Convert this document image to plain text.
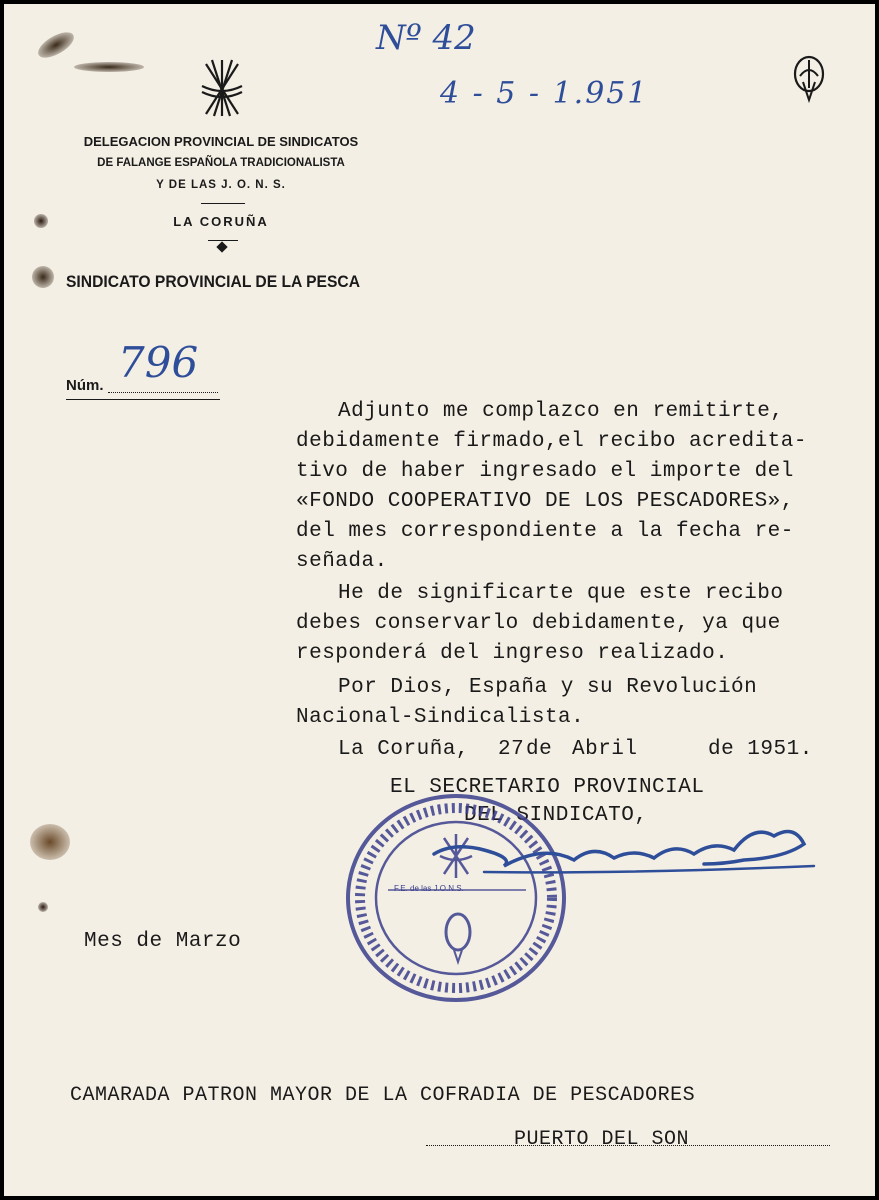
Nº 42
4 - 5 - 1.951
DELEGACION PROVINCIAL DE SINDICATOS
DE FALANGE ESPAÑOLA TRADICIONALISTA
Y DE LAS J. O. N. S.
LA CORUÑA
SINDICATO PROVINCIAL DE LA PESCA
Núm. 796
Adjunto me complazco en remitirte,
debidamente firmado,el recibo acredita-
tivo de haber ingresado el importe del
«FONDO COOPERATIVO DE LOS PESCADORES»,
del mes correspondiente a la fecha re-
señada.
He de significarte que este recibo
debes conservarlo debidamente, ya que
responderá del ingreso realizado.
Por Dios, España y su Revolución
Nacional-Sindicalista.
La Coruña, 27 de Abril	de 1951.
EL SECRETARIO PROVINCIAL
DEL SINDICATO,
F.E. de las J.O.N.S.
Mes de Marzo
CAMARADA PATRON MAYOR DE LA COFRADIA DE PESCADORES
PUERTO DEL SON
